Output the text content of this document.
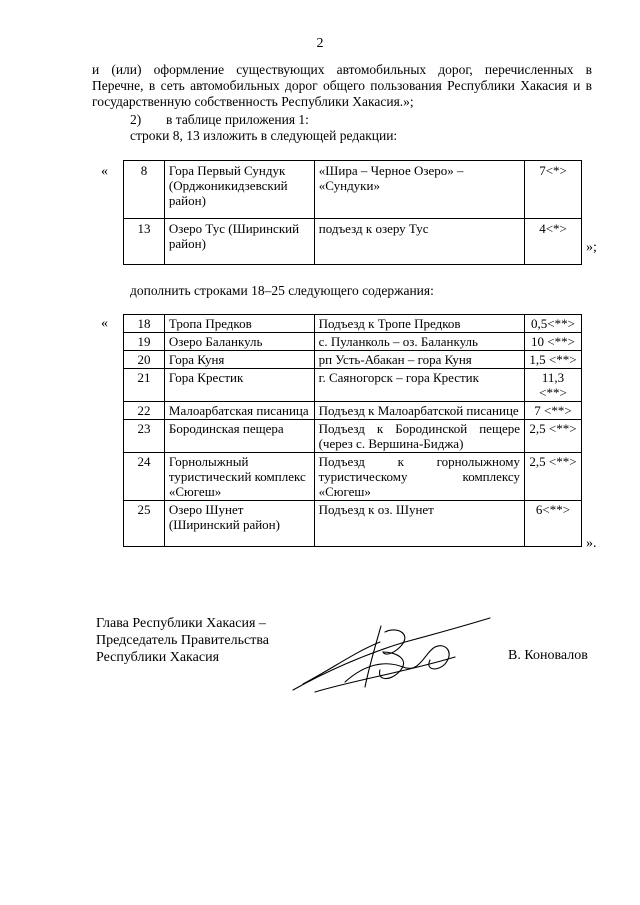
2
и (или) оформление существующих автомобильных дорог, перечисленных в
Перечне, в сеть автомобильных дорог общего пользования Республики Хакасия и в
государственную собственность Республики Хакасия.»;
2) в таблице приложения 1:
строки 8, 13 изложить в следующей редакции:
«	8	Гора Первый Сундук (Орджоникидзевский район)	«Шира – Черное Озеро» – «Сундуки»	7<*>
13	Озеро Тус (Ширинский район)	подъезд к озеру Тус	4<*>
»;
дополнить строками 18–25 следующего содержания:
« 18	Тропа Предков	Подъезд к Тропе Предков	0,5<**>
19	Озеро Баланкуль	с. Пуланколь – оз. Баланкуль	10 <**>
20	Гора Куня	рп Усть-Абакан – гора Куня	1,5 <**>
21	Гора Крестик	г. Саяногорск – гора Крестик	11,3 <**>
22	Малоарбатская писаница	Подъезд к Малоарбатской писанице	7 <**>
23	Бородинская пещера	Подъезд к Бородинской пещере (через с. Вершина-Биджа)	2,5 <**>
24	Горнолыжный туристический комплекс «Сюгеш»	Подъезд к горнолыжному туристическому комплексу «Сюгеш»	2,5 <**>
25	Озеро Шунет (Ширинский район)	Подъезд к оз. Шунет	6<**>
».
Глава Республики Хакасия –
Председатель Правительства
Республики Хакасия	В. Коновалов
